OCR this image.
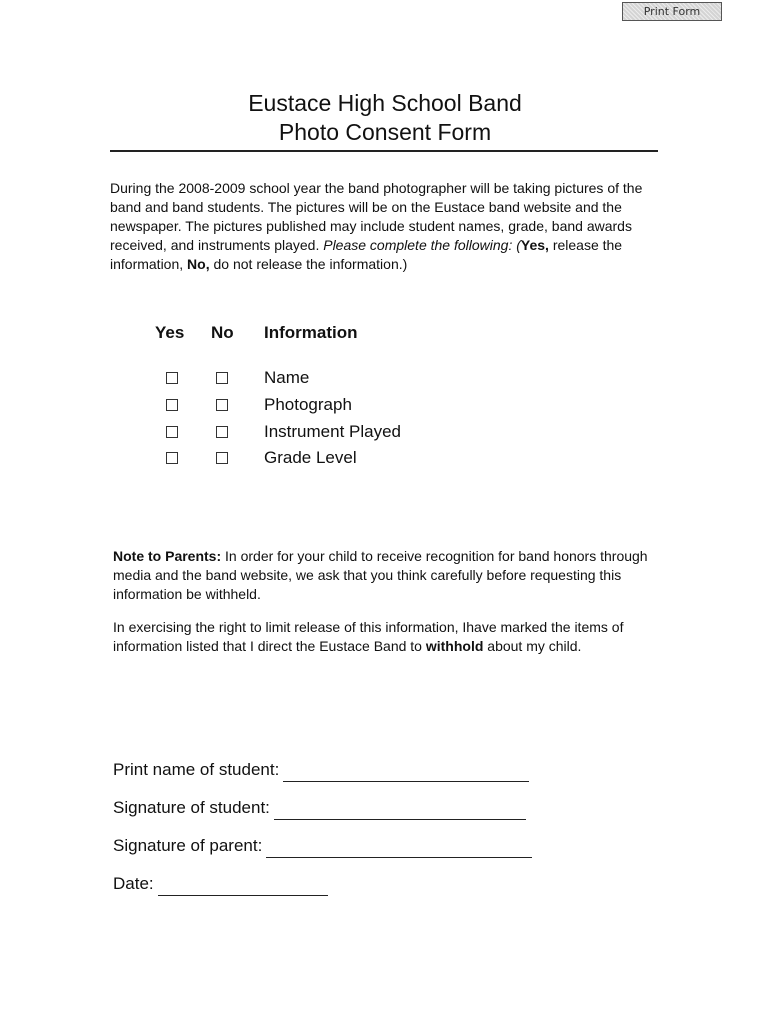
Print Form
Eustace High School Band
Photo Consent Form

During the 2008-2009 school year the band photographer will be taking pictures of the band and band students. The pictures will be on the Eustace band website and the newspaper. The pictures published may include student names, grade, band awards received, and instruments played. Please complete the following: (Yes, release the information, No, do not release the information.)

Yes No Information
Name
Photograph
Instrument Played
Grade Level

Note to Parents: In order for your child to receive recognition for band honors through media and the band website, we ask that you think carefully before requesting this information be withheld.

In exercising the right to limit release of this information, Ihave marked the items of information listed that I direct the Eustace Band to withhold about my child.

Print name of student:
Signature of student:
Signature of parent:
Date:
